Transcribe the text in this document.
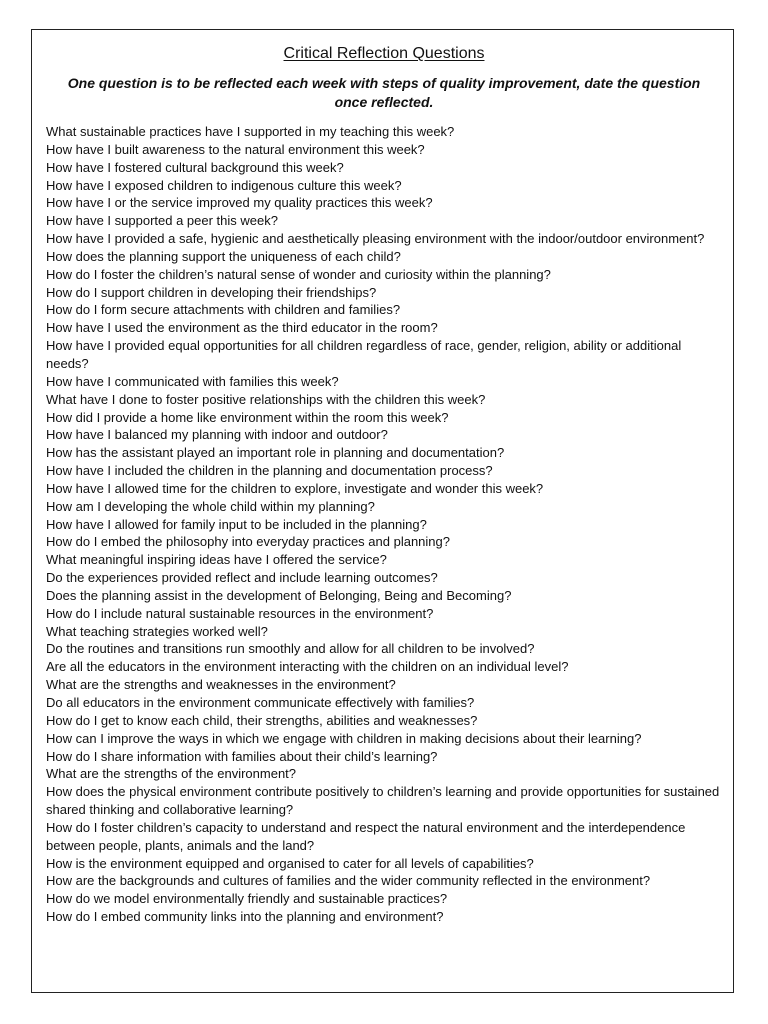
Critical Reflection Questions
One question is to be reflected each week with steps of quality improvement, date the question once reflected.
What sustainable practices have I supported in my teaching this week?
How have I built awareness to the natural environment this week?
How have I fostered cultural background this week?
How have I exposed children to indigenous culture this week?
How have I or the service improved my quality practices this week?
How have I supported a peer this week?
How have I provided a safe, hygienic and aesthetically pleasing environment with the indoor/outdoor environment?
How does the planning support the uniqueness of each child?
How do I foster the children’s natural sense of wonder and curiosity within the planning?
How do I support children in developing their friendships?
How do I form secure attachments with children and families?
How have I used the environment as the third educator in the room?
How have I provided equal opportunities for all children regardless of race, gender, religion, ability or additional needs?
How have I communicated with families this week?
What have I done to foster positive relationships with the children this week?
How did I provide a home like environment within the room this week?
How have I balanced my planning with indoor and outdoor?
How has the assistant played an important role in planning and documentation?
How have I included the children in the planning and documentation process?
How have I allowed time for the children to explore, investigate and wonder this week?
How am I developing the whole child within my planning?
How have I allowed for family input to be included in the planning?
How do I embed the philosophy into everyday practices and planning?
What meaningful inspiring ideas have I offered the service?
Do the experiences provided reflect and include learning outcomes?
Does the planning assist in the development of Belonging, Being and Becoming?
How do I include natural sustainable resources in the environment?
What teaching strategies worked well?
Do the routines and transitions run smoothly and allow for all children to be involved?
Are all the educators in the environment interacting with the children on an individual level?
What are the strengths and weaknesses in the environment?
Do all educators in the environment communicate effectively with families?
How do I get to know each child, their strengths, abilities and weaknesses?
How can I improve the ways in which we engage with children in making decisions about their learning?
How do I share information with families about their child’s learning?
What are the strengths of the environment?
How does the physical environment contribute positively to children’s learning and provide opportunities for sustained shared thinking and collaborative learning?
How do I foster children’s capacity to understand and respect the natural environment and the interdependence between people, plants, animals and the land?
How is the environment equipped and organised to cater for all levels of capabilities?
How are the backgrounds and cultures of families and the wider community reflected in the environment?
How do we model environmentally friendly and sustainable practices?
How do I embed community links into the planning and environment?
